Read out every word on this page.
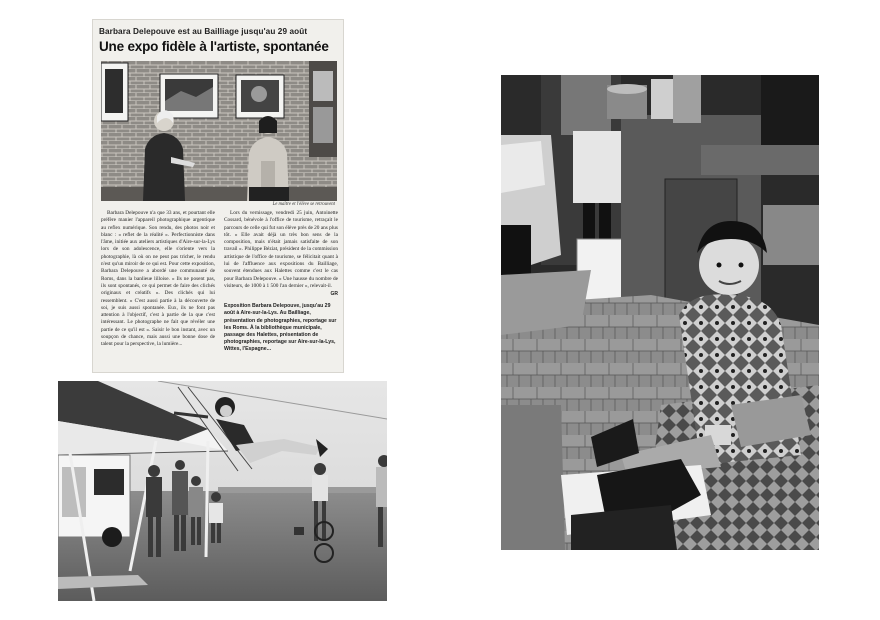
Barbara Delepouve est au Bailliage jusqu'au 29 août
Une expo fidèle à l'artiste, spontanée
Le maître et l'élève se retrouvent

Barbara Delepouve n'a que 33 ans, et pourtant elle préfère manier l'appareil photographique argentique au reflex numérique. Son rendu, des photos noir et blanc : « reflet de la réalité ». Perfectionniste dans l'âme, initiée aux ateliers artistiques d'Aire-sur-la-Lys lors de son adolescence, elle s'oriente vers la photographie, là où on ne peut pas tricher, le rendu n'est qu'un miroir de ce qui est. Pour cette exposition, Barbara Delepouve a abordé une communauté de Roms, dans la banlieue lilloise. « Ils ne posent pas, ils sont spontanés, ce qui permet de faire des clichés originaux et créatifs ». Des clichés qui lui ressemblent. « C'est aussi partie à la découverte de soi, je suis aussi spontanée. Eux, ils ne font pas attention à l'objectif, c'est à partie de la que c'est intéressant. Le photographe ne fait que révéler une partie de ce qu'il est ». Saisir le bon instant, avec un soupçon de chance, mais aussi une bonne dose de talent pour la perspective, la lumière...

Lors du vernissage, vendredi 25 juin, Antoinette Cossard, bénévole à l'office de tourisme, retraçait le parcours de celle qui fut son élève près de 20 ans plus tôt. « Elle avait déjà un très bon sens de la composition, mais n'était jamais satisfaite de son travail ». Philippe Béziat, président de la commission artistique de l'office de tourisme, se félicitait quant à lui de l'affluence aux expositions du Bailliage, souvent étendues aux Halettes comme c'est le cas pour Barbara Delepouve. « Une hausse du nombre de visiteurs, de 1000 à 1 500 l'an dernier », relevait-il.

GR
Exposition Barbara Delepouve, jusqu'au 29 août à Aire-sur-la-Lys. Au Bailliage, présentation de photographies, reportage sur les Roms. À la bibliothèque municipale, passage des Halettes, présentation de photographies, reportage sur Aire-sur-la-Lys, Wittes, l'Espagne...
